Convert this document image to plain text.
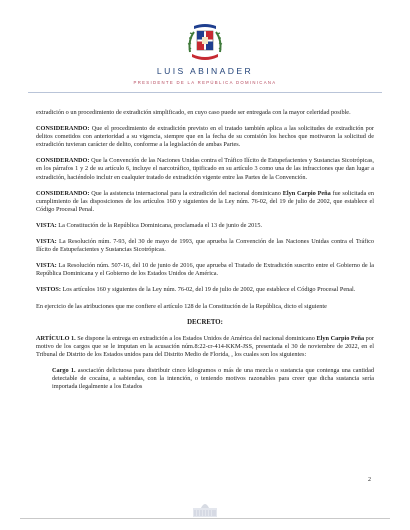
LUIS ABINADER
PRESIDENTE DE LA REPÚBLICA DOMINICANA

extradición o un procedimiento de extradición simplificado, en cuyo caso puede ser entregada con la mayor celeridad posible.

CONSIDERANDO: Que el procedimiento de extradición previsto en el tratado también aplica a las solicitudes de extradición por delitos cometidos con anterioridad a su vigencia, siempre que en la fecha de su comisión los hechos que motivaron la solicitud de extradición tuvieran carácter de delito, conforme a la legislación de ambas Partes.

CONSIDERANDO: Que la Convención de las Naciones Unidas contra el Tráfico Ilícito de Estupefacientes y Sustancias Sicotrópicas, en los párrafos 1 y 2 de su artículo 6, incluye el narcotráfico, tipificado en su artículo 3 como una de las infracciones que dan lugar a extradición, haciéndolo incluir en cualquier tratado de extradición vigente entre las Partes de la Convención.

CONSIDERANDO: Que la asistencia internacional para la extradición del nacional dominicano Elyn Carpio Peña fue solicitada en cumplimiento de las disposiciones de los artículos 160 y siguientes de la Ley núm. 76-02, del 19 de julio de 2002, que establece el Código Procesal Penal.

VISTA: La Constitución de la República Dominicana, proclamada el 13 de junio de 2015.

VISTA: La Resolución núm. 7-93, del 30 de mayo de 1993, que aprueba la Convención de las Naciones Unidas contra el Tráfico Ilícito de Estupefacientes y Sustancias Sicotrópicas.

VISTA: La Resolución núm. 507-16, del 10 de junio de 2016, que aprueba el Tratado de Extradición suscrito entre el Gobierno de la República Dominicana y el Gobierno de los Estados Unidos de América.

VISTOS: Los artículos 160 y siguientes de la Ley núm. 76-02, del 19 de julio de 2002, que establece el Código Procesal Penal.

En ejercicio de las atribuciones que me confiere el artículo 128 de la Constitución de la República, dicto el siguiente

DECRETO:

ARTÍCULO 1. Se dispone la entrega en extradición a los Estados Unidos de América del nacional dominicano Elyn Carpio Peña por motivo de los cargos que se le imputan en la acusación núm.8:22-cr-414-KKM-JSS, presentada el 30 de noviembre de 2022, en el Tribunal de Distrito de los Estados unidos para del Distrito Medio de Florida, , los cuales son los siguientes:

Cargo 1. asociación delictuosa para distribuir cinco kilogramos o más de una mezcla o sustancia que contenga una cantidad detectable de cocaína, a sabiendas, con la intención, o teniendo motivos razonables para creer que dicha sustancia sería importada ilegalmente a los Estados

2
